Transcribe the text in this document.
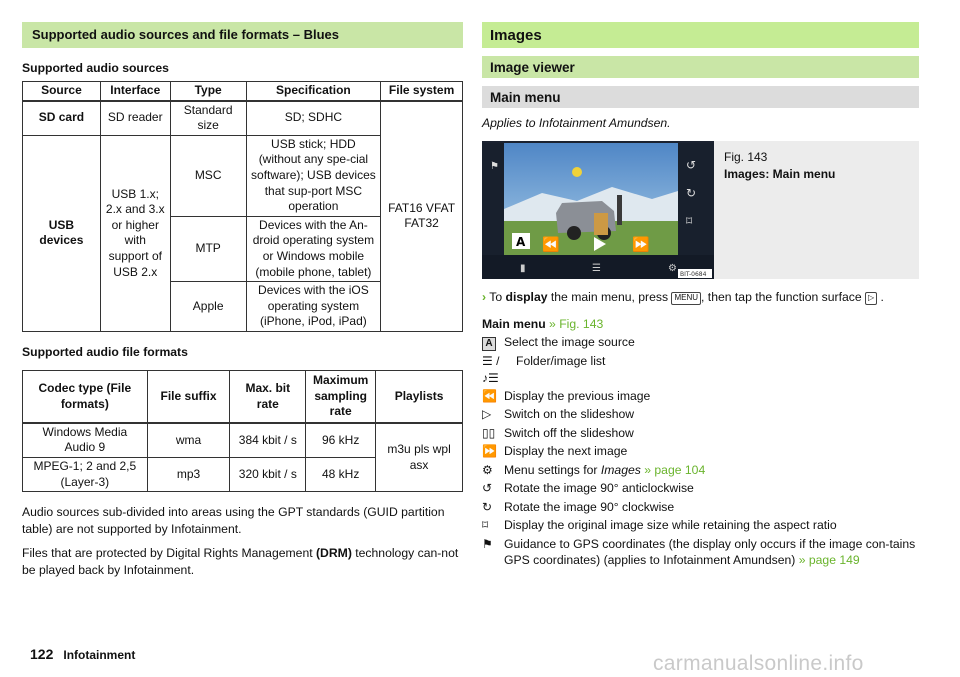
Supported audio sources and file formats – Blues
Supported audio sources
Source	Interface	Type	Specification	File system
SD card	SD reader	Standard size	SD; SDHC	FAT16 VFAT FAT32
USB devices	USB 1.x; 2.x and 3.x or higher with support of USB 2.x	MSC	USB stick; HDD (without any spe-cial software); USB devices that sup-port MSC operation	
		MTP	Devices with the An-droid operating system or Windows mobile (mobile phone, tablet)	
		Apple	Devices with the iOS operating system (iPhone, iPod, iPad)	
Supported audio file formats
Codec type (File formats)	File suffix	Max. bit rate	Maximum sampling rate	Playlists
Windows Media Audio 9	wma	384 kbit / s	96 kHz	m3u pls wpl asx
MPEG-1; 2 and 2,5 (Layer-3)	mp3	320 kbit / s	48 kHz	

Audio sources sub-divided into areas using the GPT standards (GUID partition table) are not supported by Infotainment.

Files that are protected by Digital Rights Management (DRM) technology can-not be played back by Infotainment.

Images
Image viewer
Main menu
Applies to Infotainment Amundsen.
⚑	↺
↻
⌑
⏪	⏩
▮	☰	⚙
A
BIT-0684
Fig. 143
Images: Main menu
› To display the main menu, press MENU , then tap the function surface ▷ .
Main menu » Fig. 143
A Select the image source
☰ / ♪☰
Folder/image list
⏪ Display the previous image
▷	Switch on the slideshow
▯▯ Switch off the slideshow
⏩ Display the next image
⚙ Menu settings for Images » page 104
↺ Rotate the image 90° anticlockwise
↻ Rotate the image 90° clockwise
⌑	Display the original image size while retaining the aspect ratio
⚑ Guidance to GPS coordinates (the display only occurs if the image con-tains GPS coordinates) (applies to Infotainment Amundsen) » page 149
122 Infotainment	carmanualsonline.info
